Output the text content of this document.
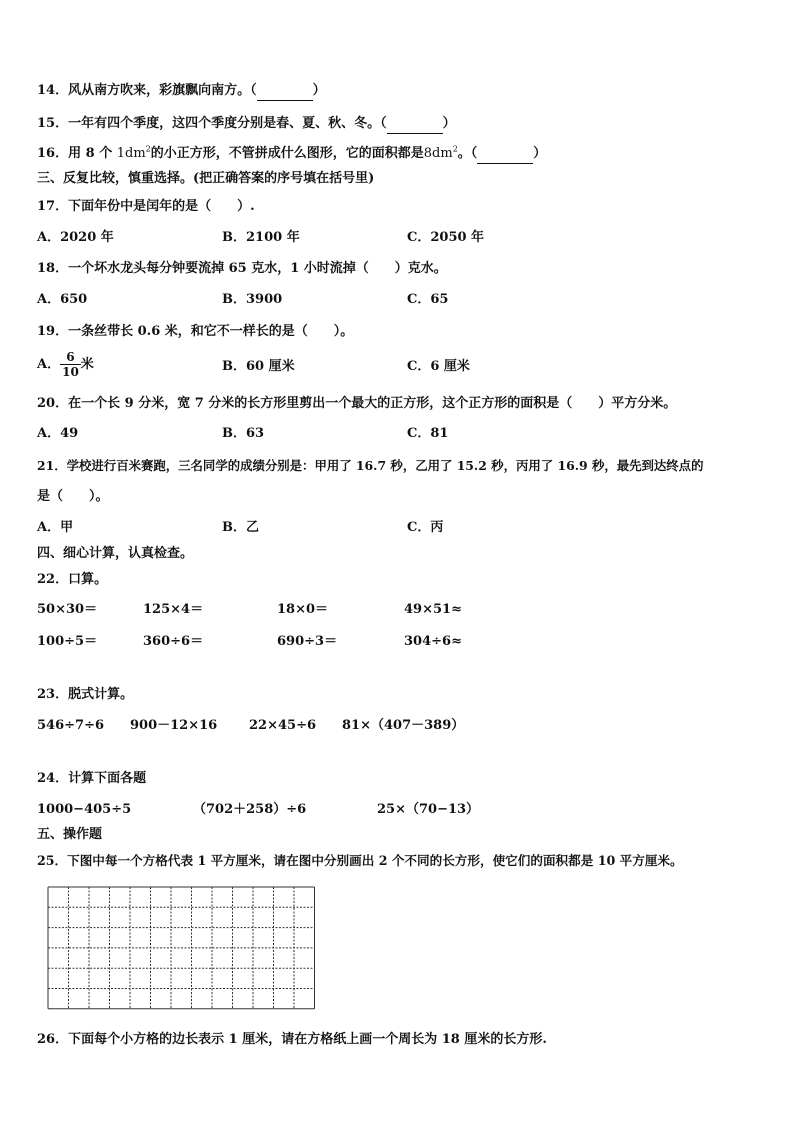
14．风从南方吹来，彩旗飘向南方。（	）
15．一年有四个季度，这四个季度分别是春、夏、秋、冬。（	）
16．用 8 个 $1dm^2$的小正方形，不管拼成什么图形，它的面积都是$8dm^2$。（	）
三、反复比较，慎重选择。(把正确答案的序号填在括号里)
17．下面年份中是闰年的是（　　）.
A．2020 年	B．2100 年	C．2050 年
18．一个坏水龙头每分钟要流掉 65 克水，1 小时流掉（　　）克水。
A．650	B．3900	C．65
19．一条丝带长 0.6 米，和它不一样长的是（　　）。
A． $\frac{6}{10}$ 米	B．60 厘米	C．6 厘米
20．在一个长 9 分米，宽 7 分米的长方形里剪出一个最大的正方形，这个正方形的面积是（　　）平方分米。
A．49	B．63	C．81
21．学校进行百米赛跑，三名同学的成绩分别是：甲用了 16.7 秒，乙用了 15.2 秒，丙用了 16.9 秒，最先到达终点的
是（　　）。
A．甲	B．乙	C．丙
四、细心计算，认真检查。
22．口算。
50×30＝	125×4＝	18×0＝	49×51≈
100÷5＝	360÷6＝	690÷3＝	304÷6≈
23．脱式计算。
546÷7÷6 900－12×16 22×45÷6 81×（407－389）
24．计算下面各题
1000−405÷5	（702＋258）÷6	25×（70−13）
五、操作题
25．下图中每一个方格代表 1 平方厘米，请在图中分别画出 2 个不同的长方形，使它们的面积都是 10 平方厘米。
26．下面每个小方格的边长表示 1 厘米，请在方格纸上画一个周长为 18 厘米的长方形.
